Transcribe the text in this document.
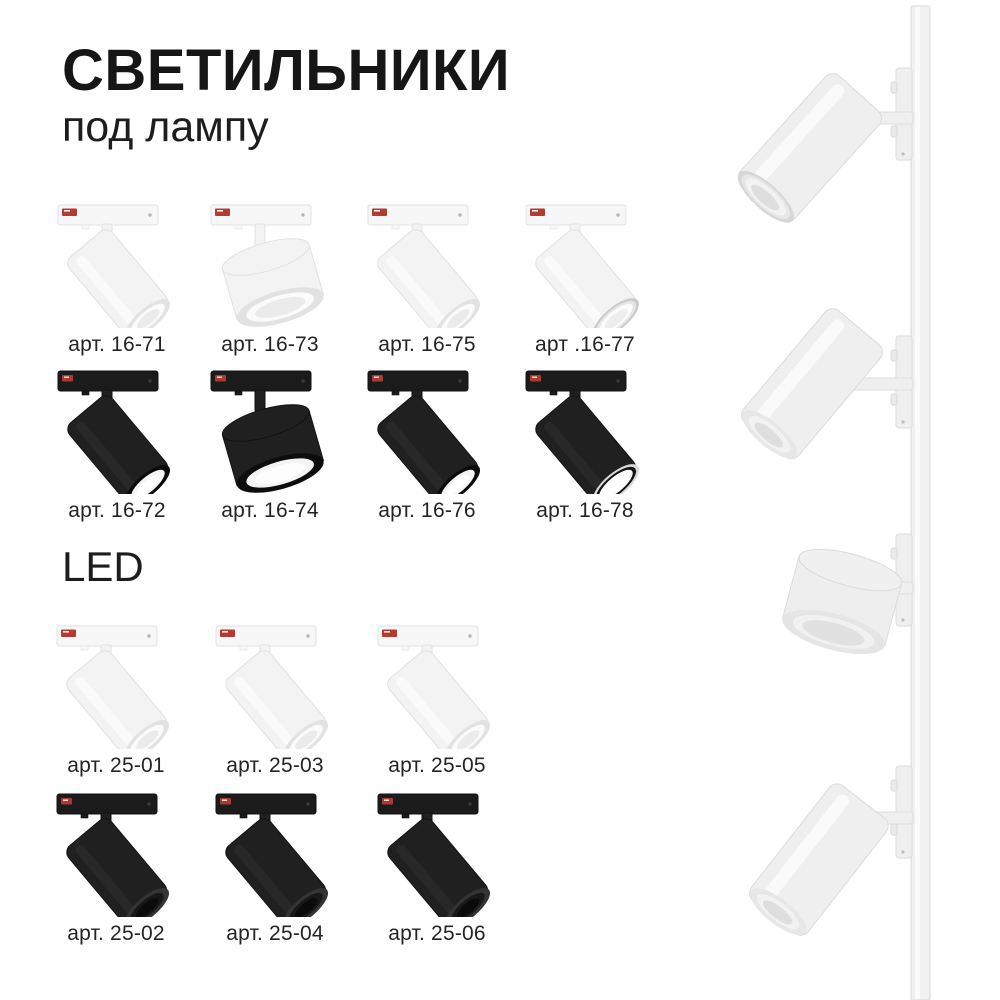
СВЕТИЛЬНИКИ
под лампу
LED
арт. 16-71	арт. 16-73	арт. 16-75	арт .16-77
арт. 16-72	арт. 16-74	арт. 16-76	арт. 16-78
арт. 25-01	арт. 25-03	арт. 25-05
арт. 25-02	арт. 25-04	арт. 25-06
